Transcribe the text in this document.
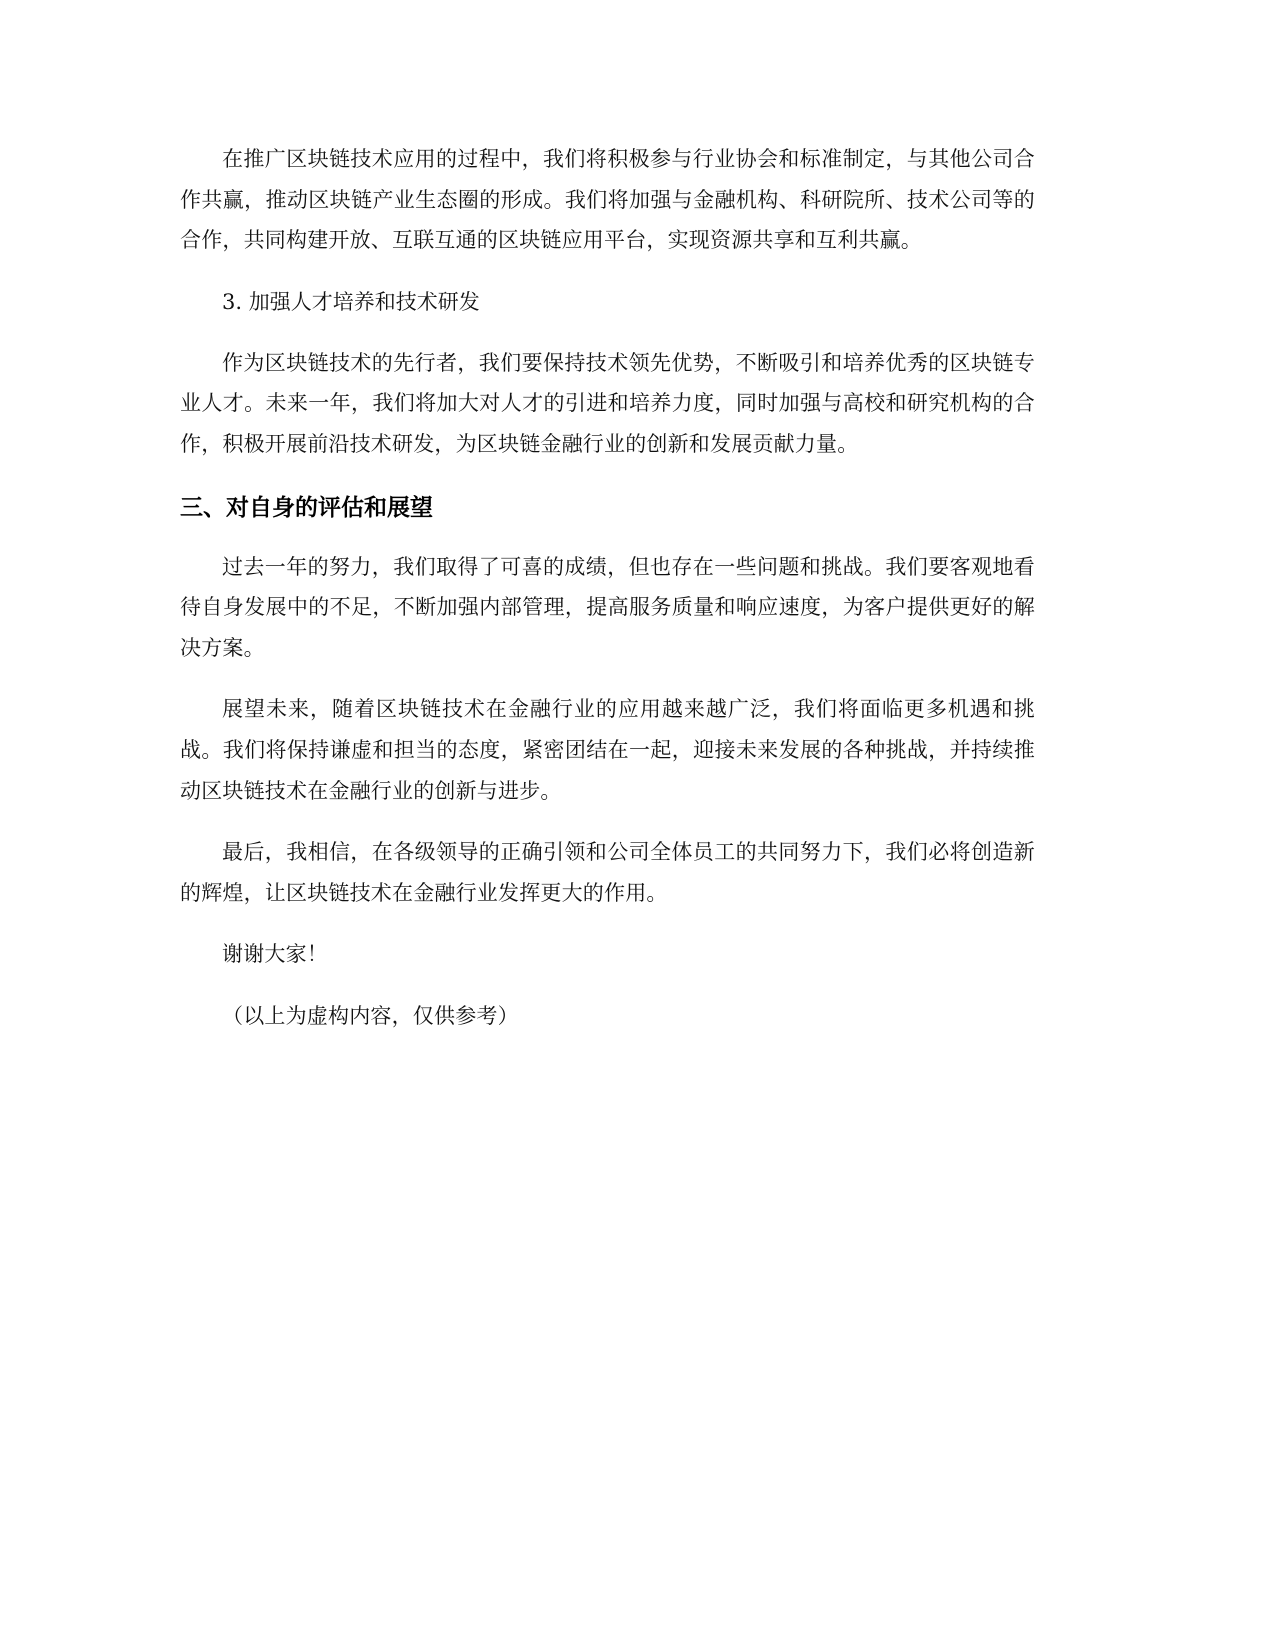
在推广区块链技术应用的过程中，我们将积极参与行业协会和标准制定，与其他公司合作共赢，推动区块链产业生态圈的形成。我们将加强与金融机构、科研院所、技术公司等的合作，共同构建开放、互联互通的区块链应用平台，实现资源共享和互利共赢。

3. 加强人才培养和技术研发

作为区块链技术的先行者，我们要保持技术领先优势，不断吸引和培养优秀的区块链专业人才。未来一年，我们将加大对人才的引进和培养力度，同时加强与高校和研究机构的合作，积极开展前沿技术研发，为区块链金融行业的创新和发展贡献力量。

三、对自身的评估和展望

过去一年的努力，我们取得了可喜的成绩，但也存在一些问题和挑战。我们要客观地看待自身发展中的不足，不断加强内部管理，提高服务质量和响应速度，为客户提供更好的解决方案。

展望未来，随着区块链技术在金融行业的应用越来越广泛，我们将面临更多机遇和挑战。我们将保持谦虚和担当的态度，紧密团结在一起，迎接未来发展的各种挑战，并持续推动区块链技术在金融行业的创新与进步。

最后，我相信，在各级领导的正确引领和公司全体员工的共同努力下，我们必将创造新的辉煌，让区块链技术在金融行业发挥更大的作用。

谢谢大家！

（以上为虚构内容，仅供参考）
